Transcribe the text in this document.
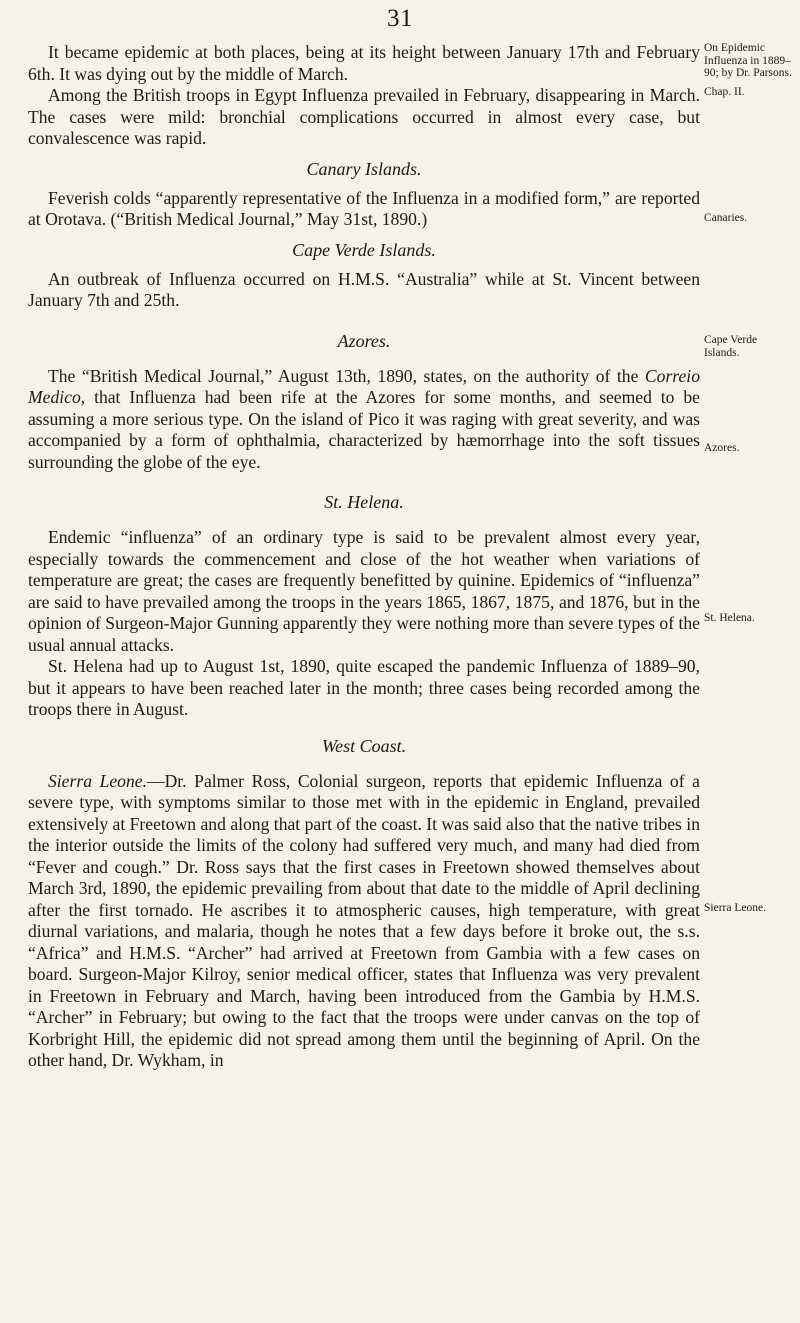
31

It became epidemic at both places, being at its height between January 17th and February 6th. It was dying out by the middle of March.

Among the British troops in Egypt Influenza prevailed in February, disappearing in March. The cases were mild: bronchial complications occurred in almost every case, but convalescence was rapid.

Canary Islands.

Feverish colds “apparently representative of the Influenza in a modified form,” are reported at Orotava. (“British Medical Journal,” May 31st, 1890.)

Cape Verde Islands.

An outbreak of Influenza occurred on H.M.S. “Australia” while at St. Vincent between January 7th and 25th.

Azores.

The “British Medical Journal,” August 13th, 1890, states, on the authority of the Correio Medico, that Influenza had been rife at the Azores for some months, and seemed to be assuming a more serious type. On the island of Pico it was raging with great severity, and was accompanied by a form of ophthalmia, characterized by hæmorrhage into the soft tissues surrounding the globe of the eye.

St. Helena.

Endemic “influenza” of an ordinary type is said to be prevalent almost every year, especially towards the commencement and close of the hot weather when variations of temperature are great; the cases are frequently benefitted by quinine. Epidemics of “influenza” are said to have prevailed among the troops in the years 1865, 1867, 1875, and 1876, but in the opinion of Surgeon-Major Gunning apparently they were nothing more than severe types of the usual annual attacks.

St. Helena had up to August 1st, 1890, quite escaped the pandemic Influenza of 1889–90, but it appears to have been reached later in the month; three cases being recorded among the troops there in August.

West Coast.

Sierra Leone.—Dr. Palmer Ross, Colonial surgeon, reports that epidemic Influenza of a severe type, with symptoms similar to those met with in the epidemic in England, prevailed extensively at Freetown and along that part of the coast. It was said also that the native tribes in the interior outside the limits of the colony had suffered very much, and many had died from “Fever and cough.” Dr. Ross says that the first cases in Freetown showed themselves about March 3rd, 1890, the epidemic prevailing from about that date to the middle of April declining after the first tornado. He ascribes it to atmospheric causes, high temperature, with great diurnal variations, and malaria, though he notes that a few days before it broke out, the s.s. “Africa” and H.M.S. “Archer” had arrived at Freetown from Gambia with a few cases on board. Surgeon-Major Kilroy, senior medical officer, states that Influenza was very prevalent in Freetown in February and March, having been introduced from the Gambia by H.M.S. “Archer” in February; but owing to the fact that the troops were under canvas on the top of Korbright Hill, the epidemic did not spread among them until the beginning of April. On the other hand, Dr. Wykham, in

On Epidemic Influenza in 1889–90; by Dr. Parsons.
Chap. II.
Canaries.
Cape Verde Islands.
Azores.
St. Helena.
Sierra Leone.
